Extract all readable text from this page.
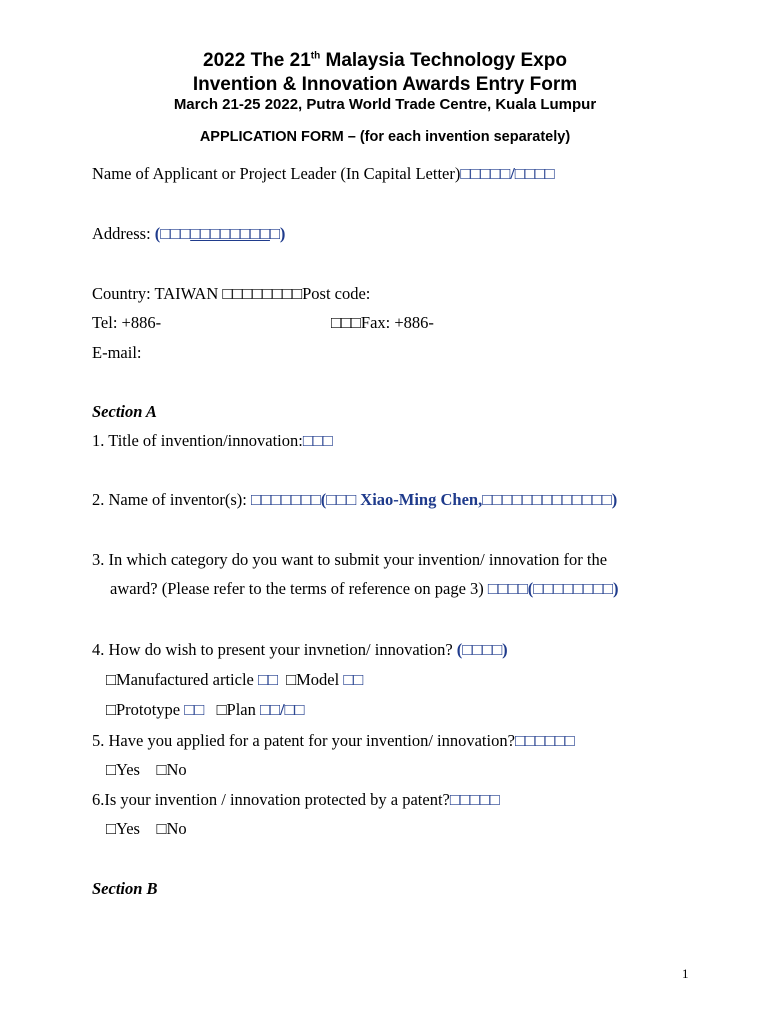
2022 The 21th Malaysia Technology Expo
Invention & Innovation Awards Entry Form
March 21-25 2022, Putra World Trade Centre, Kuala Lumpur
APPLICATION FORM – (for each invention separately)
Name of Applicant or Project Leader (In Capital Letter)□□□□□/□□□□
Address: (□□□□□□□□□□□□)
Country: TAIWAN □□□□□□□□Post code:
Tel: +886-	□□□Fax: +886-
E-mail:
Section A
1. Title of invention/innovation:□□□
2. Name of inventor(s): □□□□□□□(□□□ Xiao-Ming Chen,□□□□□□□□□□□□□)
3. In which category do you want to submit your invention/ innovation for the
award? (Please refer to the terms of reference on page 3) □□□□(□□□□□□□□)
4. How do wish to present your invnetion/ innovation? (□□□□)
□Manufactured article □□ □Model □□
□Prototype □□ □Plan □□/□□
5. Have you applied for a patent for your invention/ innovation?□□□□□□
□Yes □No
6.Is your invention / innovation protected by a patent?□□□□□
□Yes □No
Section B
1
